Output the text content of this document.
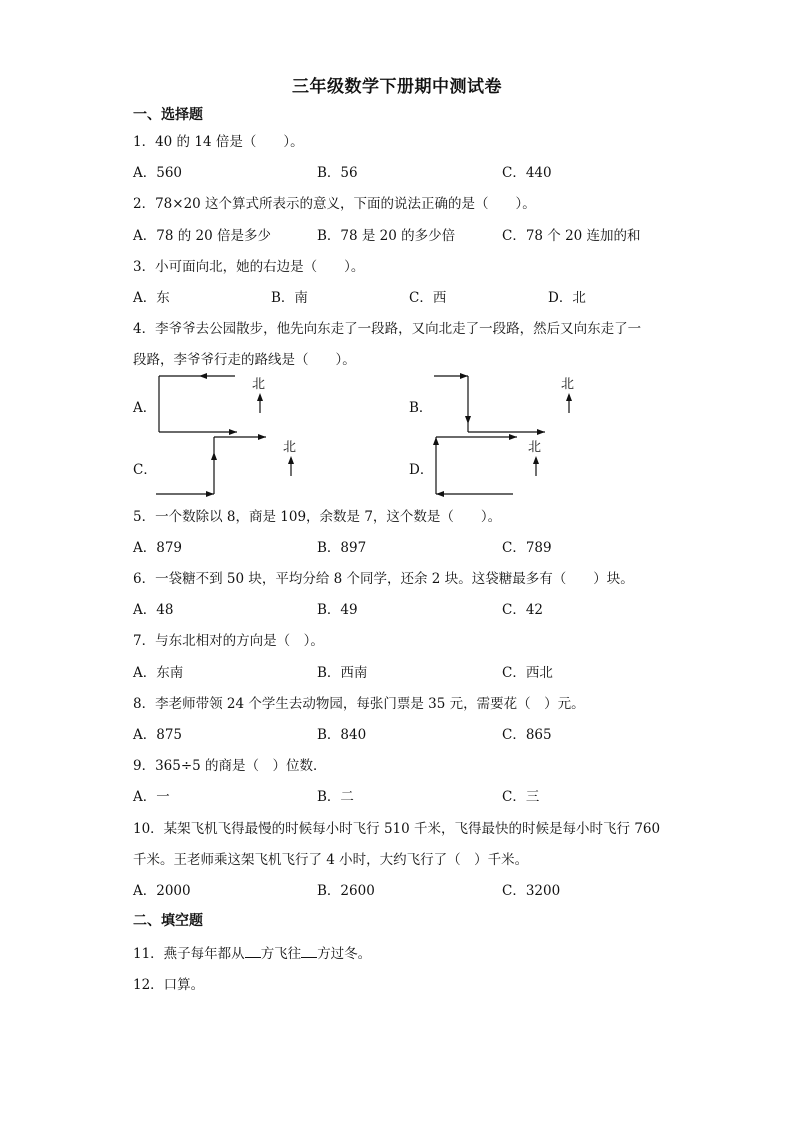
三年级数学下册期中测试卷
一、选择题
1．40 的 14 倍是（　　）。
A．560	B．56	C．440
2．78×20 这个算式所表示的意义，下面的说法正确的是（　　）。
A．78 的 20 倍是多少	B．78 是 20 的多少倍	C．78 个 20 连加的和
3．小可面向北，她的右边是（　　）。
A．东	B．南	C．西	D．北
4．李爷爷去公园散步，他先向东走了一段路，又向北走了一段路，然后又向东走了一
段路，李爷爷行走的路线是（　　）。
A．	B．
C．	D．
北	北
北	北
5．一个数除以 8，商是 109，余数是 7，这个数是（　　）。
A．879	B．897	C．789
6．一袋糖不到 50 块，平均分给 8 个同学，还余 2 块。这袋糖最多有（　　）块。
A．48	B．49	C．42
7．与东北相对的方向是（　）。
A．东南	B．西南	C．西北
8．李老师带领 24 个学生去动物园，每张门票是 35 元，需要花（　）元。
A．875	B．840	C．865
9．365÷5 的商是（　）位数．
A．一	B．二	C．三
10．某架飞机飞得最慢的时候每小时飞行 510 千米，飞得最快的时候是每小时飞行 760
千米。王老师乘这架飞机飞行了 4 小时，大约飞行了（　）千米。
A．2000	B．2600	C．3200
二、填空题
11．燕子每年都从 方飞往 方过冬。
12．口算。
